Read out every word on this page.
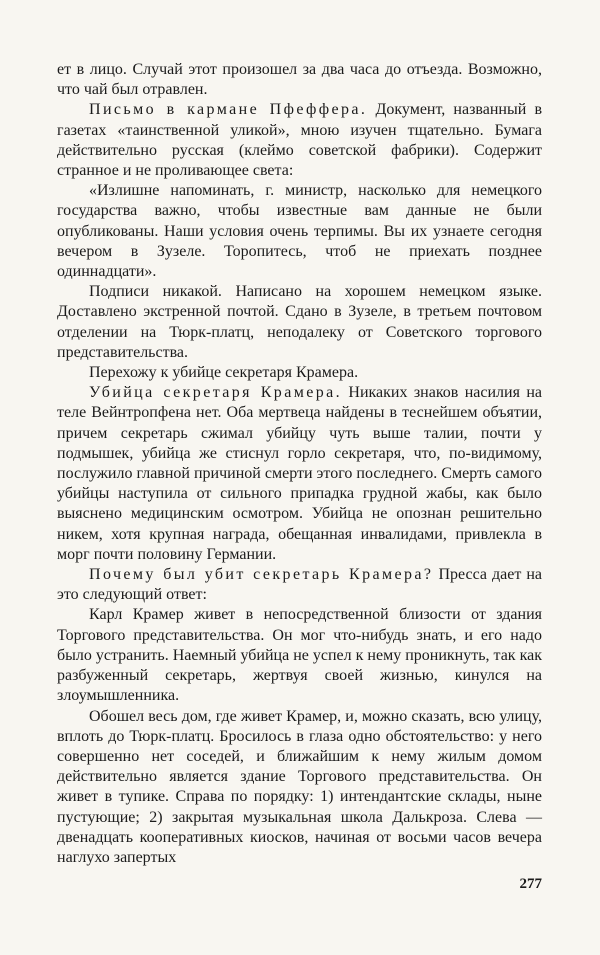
ет в лицо. Случай этот произошел за два часа до отъезда. Возможно, что чай был отравлен.

Письмо в кармане Пфеффера. Документ, названный в газетах «таинственной уликой», мною изучен тщательно. Бумага действительно русская (клеймо советской фабрики). Содержит странное и не проливающее света:

«Излишне напоминать, г. министр, насколько для немецкого государства важно, чтобы известные вам данные не были опубликованы. Наши условия очень терпимы. Вы их узнаете сегодня вечером в Зузеле. Торопитесь, чтоб не приехать позднее одиннадцати».

Подписи никакой. Написано на хорошем немецком языке. Доставлено экстренной почтой. Сдано в Зузеле, в третьем почтовом отделении на Тюрк-платц, неподалеку от Советского торгового представительства.

Перехожу к убийце секретаря Крамера.

Убийца секретаря Крамера. Никаких знаков насилия на теле Вейнтропфена нет. Оба мертвеца найдены в теснейшем объятии, причем секретарь сжимал убийцу чуть выше талии, почти у подмышек, убийца же стиснул горло секретаря, что, по-видимому, послужило главной причиной смерти этого последнего. Смерть самого убийцы наступила от сильного припадка грудной жабы, как было выяснено медицинским осмотром. Убийца не опознан решительно никем, хотя крупная награда, обещанная инвалидами, привлекла в морг почти половину Германии.

Почему был убит секретарь Крамера? Пресса дает на это следующий ответ:

Карл Крамер живет в непосредственной близости от здания Торгового представительства. Он мог что-нибудь знать, и его надо было устранить. Наемный убийца не успел к нему проникнуть, так как разбуженный секретарь, жертвуя своей жизнью, кинулся на злоумышленника.

Обошел весь дом, где живет Крамер, и, можно сказать, всю улицу, вплоть до Тюрк-платц. Бросилось в глаза одно обстоятельство: у него совершенно нет соседей, и ближайшим к нему жилым домом действительно является здание Торгового представительства. Он живет в тупике. Справа по порядку: 1) интендантские склады, ныне пустующие; 2) закрытая музыкальная школа Далькроза. Слева — двенадцать кооперативных киосков, начиная от восьми часов вечера наглухо запертых

277
